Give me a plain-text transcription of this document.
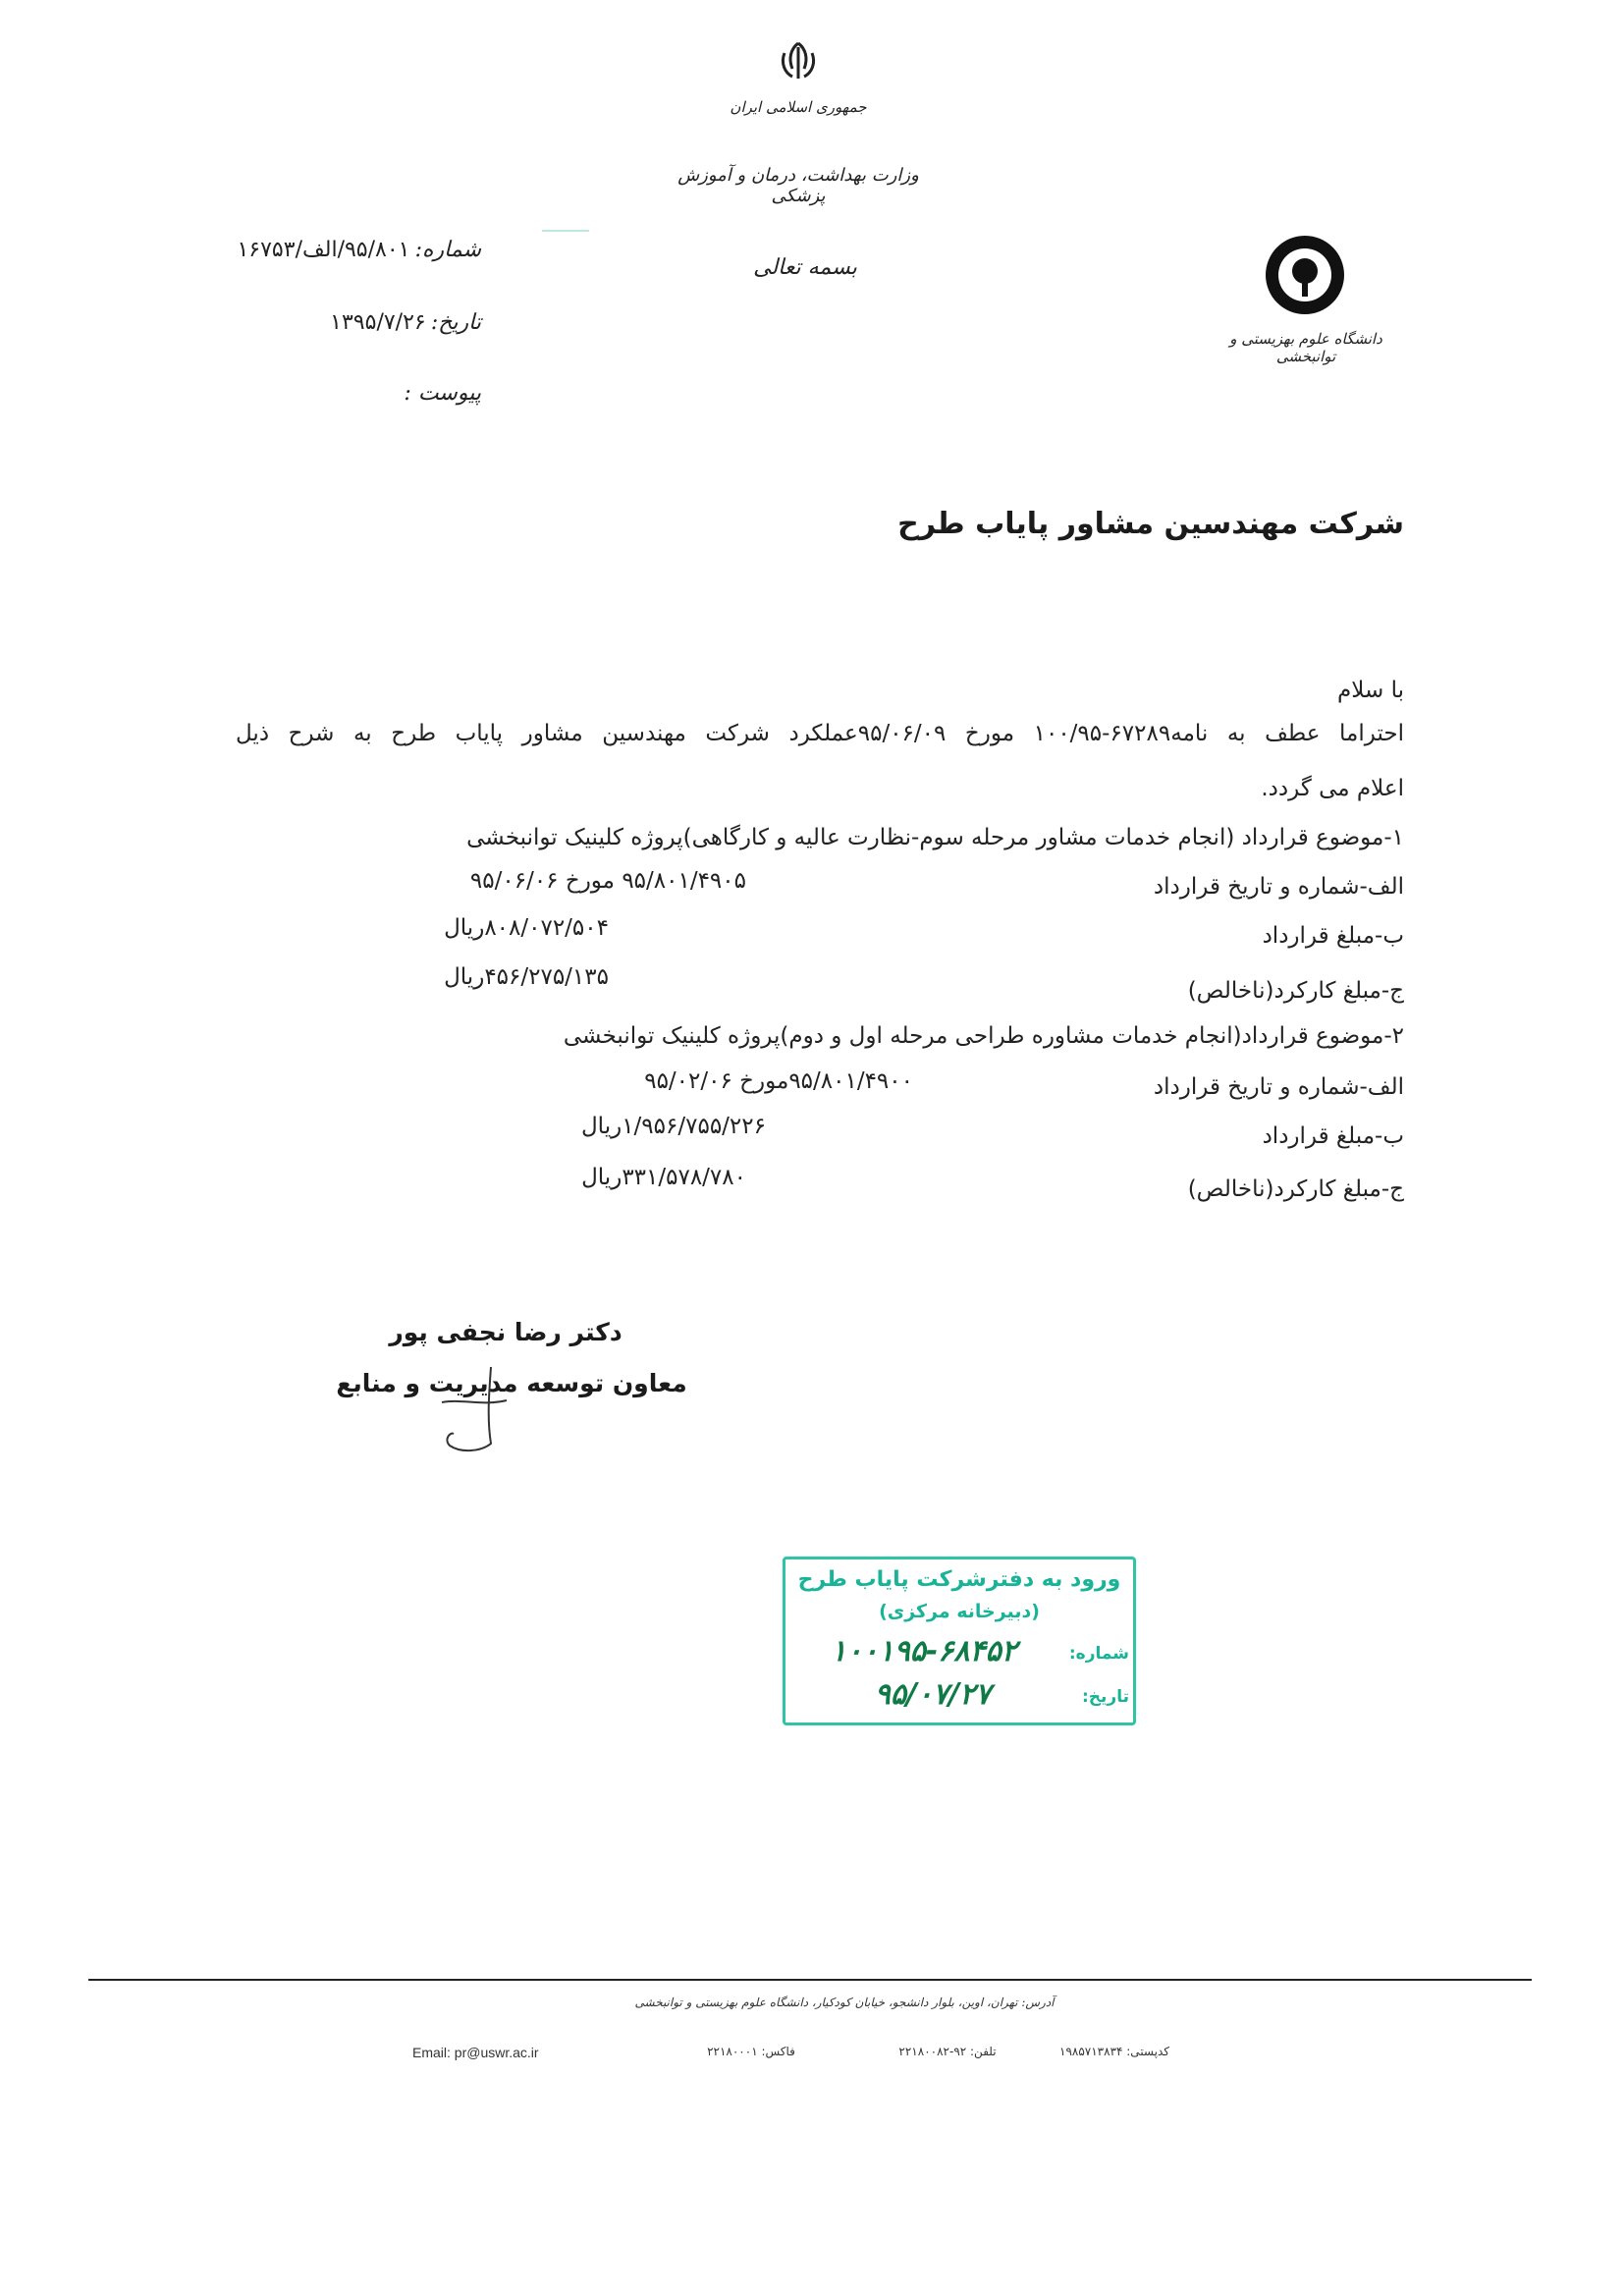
جمهوری اسلامی ایران
وزارت بهداشت، درمان و آموزش پزشکی
بسمه تعالی
دانشگاه علوم بهزیستی و توانبخشی
شماره: ۹۵/۸۰۱/الف/۱۶۷۵۳
تاریخ: ۱۳۹۵/۷/۲۶
پیوست :
شرکت مهندسین مشاور پایاب طرح
با سلام
احتراما عطف به نامه۶۷۲۸۹-۱۰۰/۹۵ مورخ ۹۵/۰۶/۰۹عملکرد شرکت مهندسین مشاور پایاب طرح به شرح ذیل
اعلام می گردد.
۱-موضوع قرارداد (انجام خدمات مشاور مرحله سوم-نظارت عالیه و کارگاهی)پروژه کلینیک توانبخشی
الف-شماره و تاریخ قرارداد
۹۵/۸۰۱/۴۹۰۵ مورخ ۹۵/۰۶/۰۶
ب-مبلغ قرارداد
۸۰۸/۰۷۲/۵۰۴ریال
ج-مبلغ کارکرد(ناخالص)
۴۵۶/۲۷۵/۱۳۵ریال
۲-موضوع قرارداد(انجام خدمات مشاوره طراحی مرحله اول و دوم)پروژه کلینیک توانبخشی
الف-شماره و تاریخ قرارداد
۹۵/۸۰۱/۴۹۰۰مورخ ۹۵/۰۲/۰۶
ب-مبلغ قرارداد
۱/۹۵۶/۷۵۵/۲۲۶ریال
ج-مبلغ کارکرد(ناخالص)
۳۳۱/۵۷۸/۷۸۰ریال
دکتر رضا نجفی پور
معاون توسعه مدیریت و منابع
ورود به دفترشرکت پایاب طرح
(دبیرخانه مرکزی)
شماره:
۱۰۰۱۹۵-۶۸۴۵۲
تاریخ:
۹۵/۰۷/۲۷
آدرس: تهران، اوین، بلوار دانشجو، خیابان کودکیار، دانشگاه علوم بهزیستی و توانبخشی
Email: pr@uswr.ac.ir	فاکس: ۲۲۱۸۰۰۰۱	تلفن: ۹۲-۲۲۱۸۰۰۸۲	کدپستی: ۱۹۸۵۷۱۳۸۳۴
